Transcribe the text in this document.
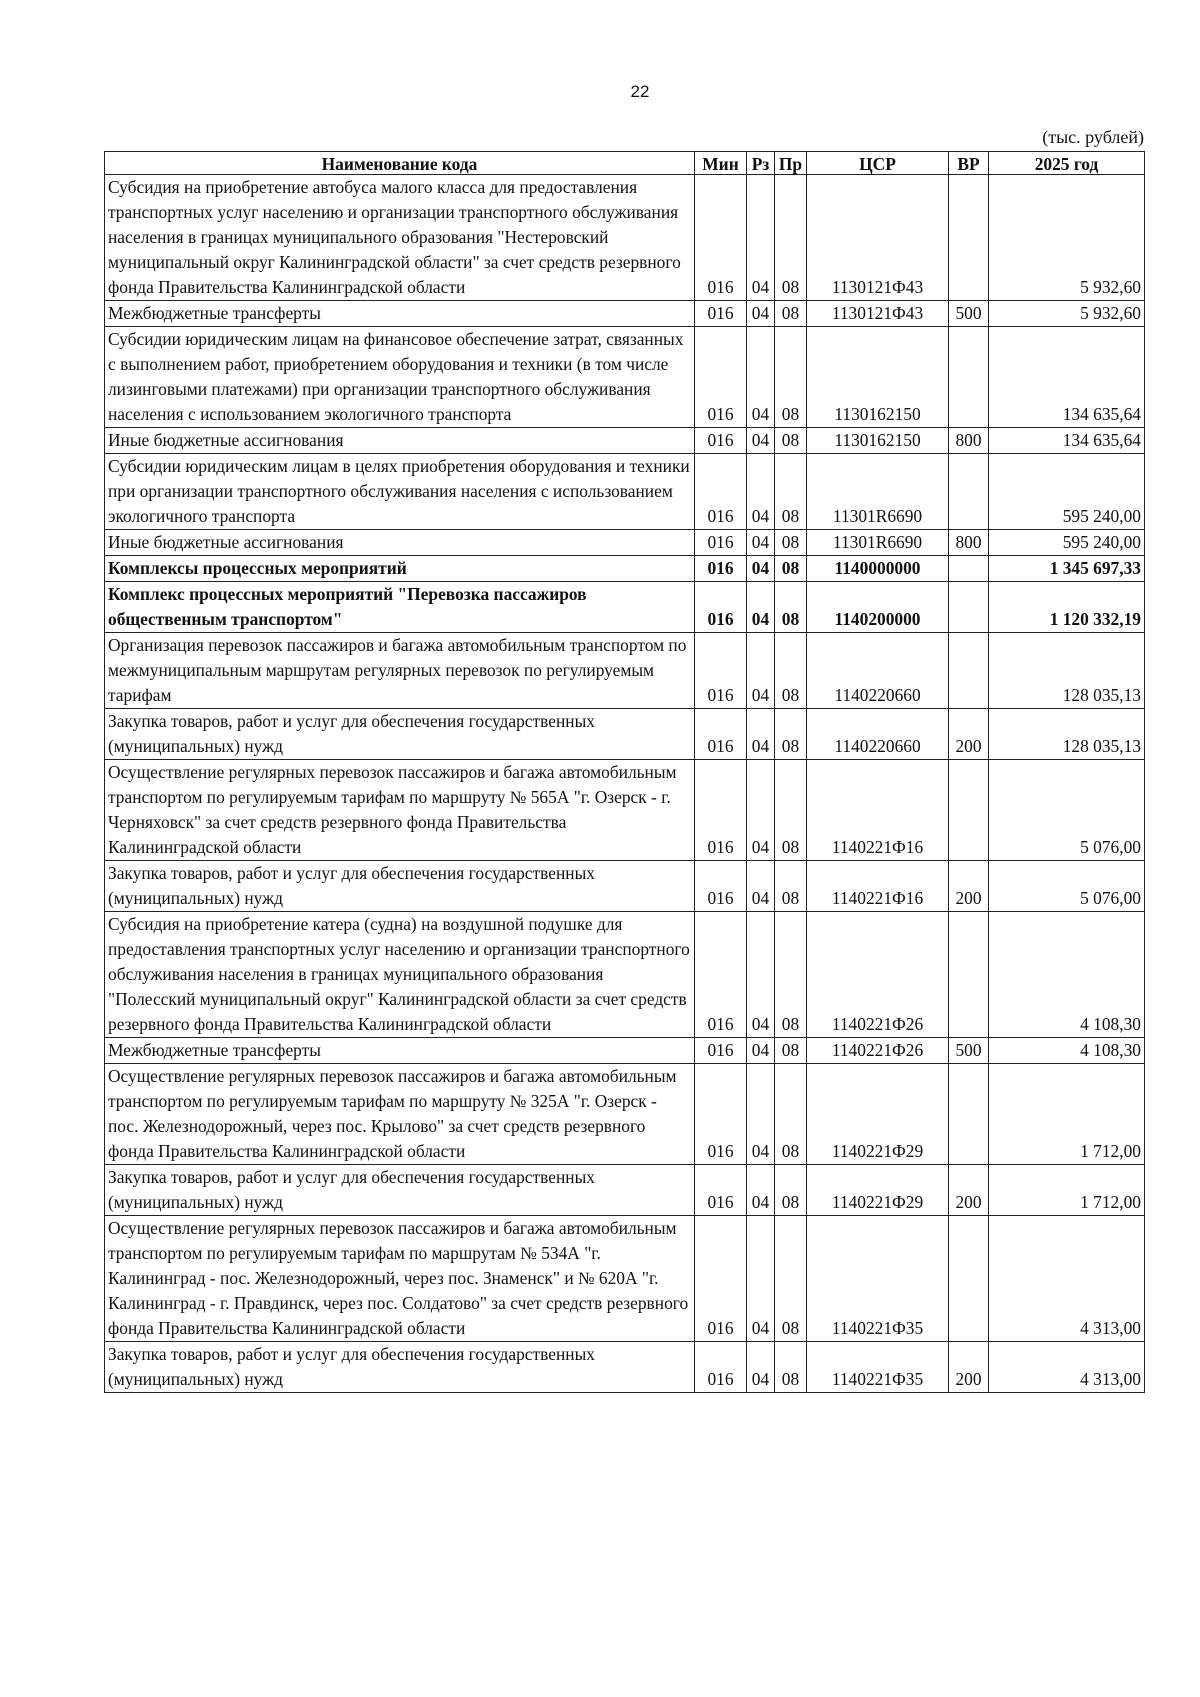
22
(тыс. рублей)
Наименование кода	Мин	Рз	Пр	ЦСР	ВР	2025 год
Субсидия на приобретение автобуса малого класса для предоставления транспортных услуг населению и организации транспортного обслуживания населения в границах муниципального образования "Нестеровский муниципальный округ Калининградской области" за счет средств резервного фонда Правительства Калининградской области	016	04	08	1130121Ф43		5 932,60
Межбюджетные трансферты	016	04	08	1130121Ф43	500	5 932,60
Субсидии юридическим лицам на финансовое обеспечение затрат, связанных с выполнением работ, приобретением оборудования и техники (в том числе лизинговыми платежами) при организации транспортного обслуживания населения с использованием экологичного транспорта	016	04	08	1130162150		134 635,64
Иные бюджетные ассигнования	016	04	08	1130162150	800	134 635,64
Субсидии юридическим лицам в целях приобретения оборудования и техники при организации транспортного обслуживания населения с использованием экологичного транспорта	016	04	08	11301R6690		595 240,00
Иные бюджетные ассигнования	016	04	08	11301R6690	800	595 240,00
Комплексы процессных мероприятий	016	04	08	1140000000		1 345 697,33
Комплекс процессных мероприятий "Перевозка пассажиров общественным транспортом"	016	04	08	1140200000		1 120 332,19
Организация перевозок пассажиров и багажа автомобильным транспортом по межмуниципальным маршрутам регулярных перевозок по регулируемым тарифам	016	04	08	1140220660		128 035,13
Закупка товаров, работ и услуг для обеспечения государственных (муниципальных) нужд	016	04	08	1140220660	200	128 035,13
Осуществление регулярных перевозок пассажиров и багажа автомобильным транспортом по регулируемым тарифам по маршруту № 565А "г. Озерск - г. Черняховск" за счет средств резервного фонда Правительства Калининградской области	016	04	08	1140221Ф16		5 076,00
Закупка товаров, работ и услуг для обеспечения государственных (муниципальных) нужд	016	04	08	1140221Ф16	200	5 076,00
Субсидия на приобретение катера (судна) на воздушной подушке для предоставления транспортных услуг населению и организации транспортного обслуживания населения в границах муниципального образования "Полесский муниципальный округ" Калининградской области за счет средств резервного фонда Правительства Калининградской области	016	04	08	1140221Ф26		4 108,30
Межбюджетные трансферты	016	04	08	1140221Ф26	500	4 108,30
Осуществление регулярных перевозок пассажиров и багажа автомобильным транспортом по регулируемым тарифам по маршруту № 325А "г. Озерск - пос. Железнодорожный, через пос. Крылово" за счет средств резервного фонда Правительства Калининградской области	016	04	08	1140221Ф29		1 712,00
Закупка товаров, работ и услуг для обеспечения государственных (муниципальных) нужд	016	04	08	1140221Ф29	200	1 712,00
Осуществление регулярных перевозок пассажиров и багажа автомобильным транспортом по регулируемым тарифам по маршрутам № 534А "г. Калининград - пос. Железнодорожный, через пос. Знаменск" и № 620А "г. Калининград - г. Правдинск, через пос. Солдатово" за счет средств резервного фонда Правительства Калининградской области	016	04	08	1140221Ф35		4 313,00
Закупка товаров, работ и услуг для обеспечения государственных (муниципальных) нужд	016	04	08	1140221Ф35	200	4 313,00
